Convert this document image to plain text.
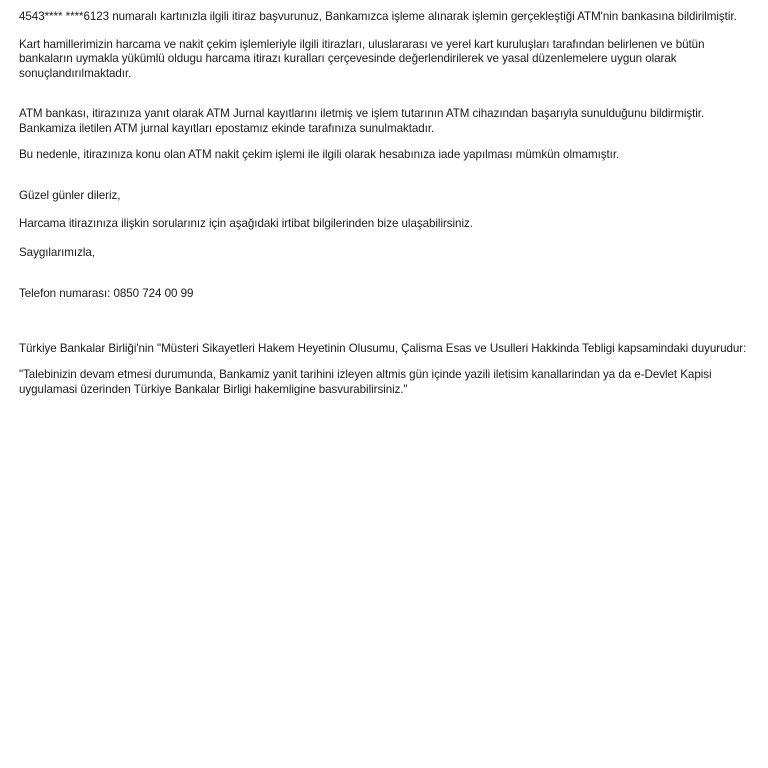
4543**** ****6123 numaralı kartınızla ilgili itiraz başvurunuz, Bankamızca işleme alınarak işlemin gerçekleştiği ATM'nin bankasına bildirilmiştir.

Kart hamillerimizin harcama ve nakit çekim işlemleriyle ilgili itirazları, uluslararası ve yerel kart kuruluşları tarafından belirlenen ve bütün bankaların uymakla yükümlü oldugu harcama itirazı kuralları çerçevesinde değerlendirilerek ve yasal düzenlemelere uygun olarak sonuçlandırılmaktadır.

ATM bankası, itirazınıza yanıt olarak ATM Jurnal kayıtlarını iletmiş ve işlem tutarının ATM cihazından başarıyla sunulduğunu bildirmiştir. Bankamiza iletilen ATM jurnal kayıtları epostamız ekinde tarafınıza sunulmaktadır.

Bu nedenle, itirazınıza konu olan ATM nakit çekim işlemi ile ilgili olarak hesabınıza iade yapılması mümkün olmamıştır.

Güzel günler dileriz,

Harcama itirazınıza ilişkin sorularınız için aşağıdaki irtibat bilgilerinden bize ulaşabilirsiniz.

Saygılarımızla,

Telefon numarası: 0850 724 00 99

Türkiye Bankalar Birliği'nin "Müsteri Sikayetleri Hakem Heyetinin Olusumu, Çalisma Esas ve Usulleri Hakkinda Tebligi kapsamindaki duyurudur:

"Talebinizin devam etmesi durumunda, Bankamiz yanit tarihini izleyen altmis gün içinde yazili iletisim kanallarindan ya da e-Devlet Kapisi uygulamasi üzerinden Türkiye Bankalar Birligi hakemligine basvurabilirsiniz."
